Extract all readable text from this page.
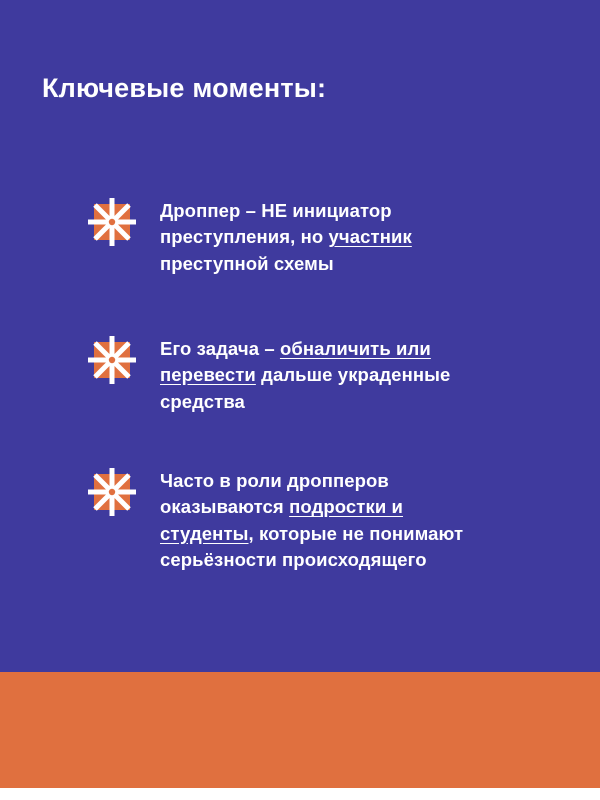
Ключевые моменты:
Дроппер – НЕ инициатор преступления, но участник преступной схемы
Его задача – обналичить или перевести дальше украденные средства
Часто в роли дропперов оказываются подростки и студенты, которые не понимают серьёзности происходящего
